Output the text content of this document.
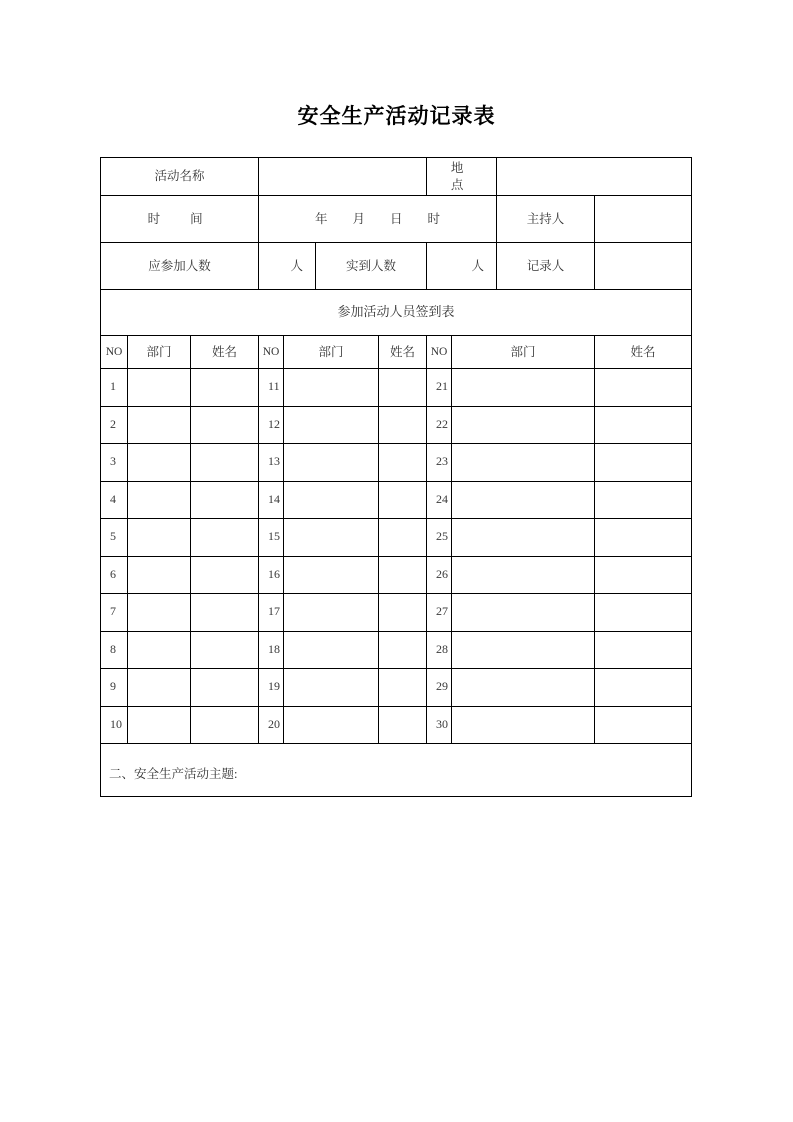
安全生产活动记录表
活动名称							地　点			
时　间			年　　月　　日　　时						主持人	
应参加人数			人		实到人数		人		记录人	
参加活动人员签到表										
NO	部门	姓名	NO	部门		姓名	NO	部门		姓名
1			11				21			
2			12				22			
3			13				23			
4			14				24			
5			15				25			
6			16				26			
7			17				27			
8			18				28			
9			19				29			
10			20				30			

二、安全生产活动主题:										
